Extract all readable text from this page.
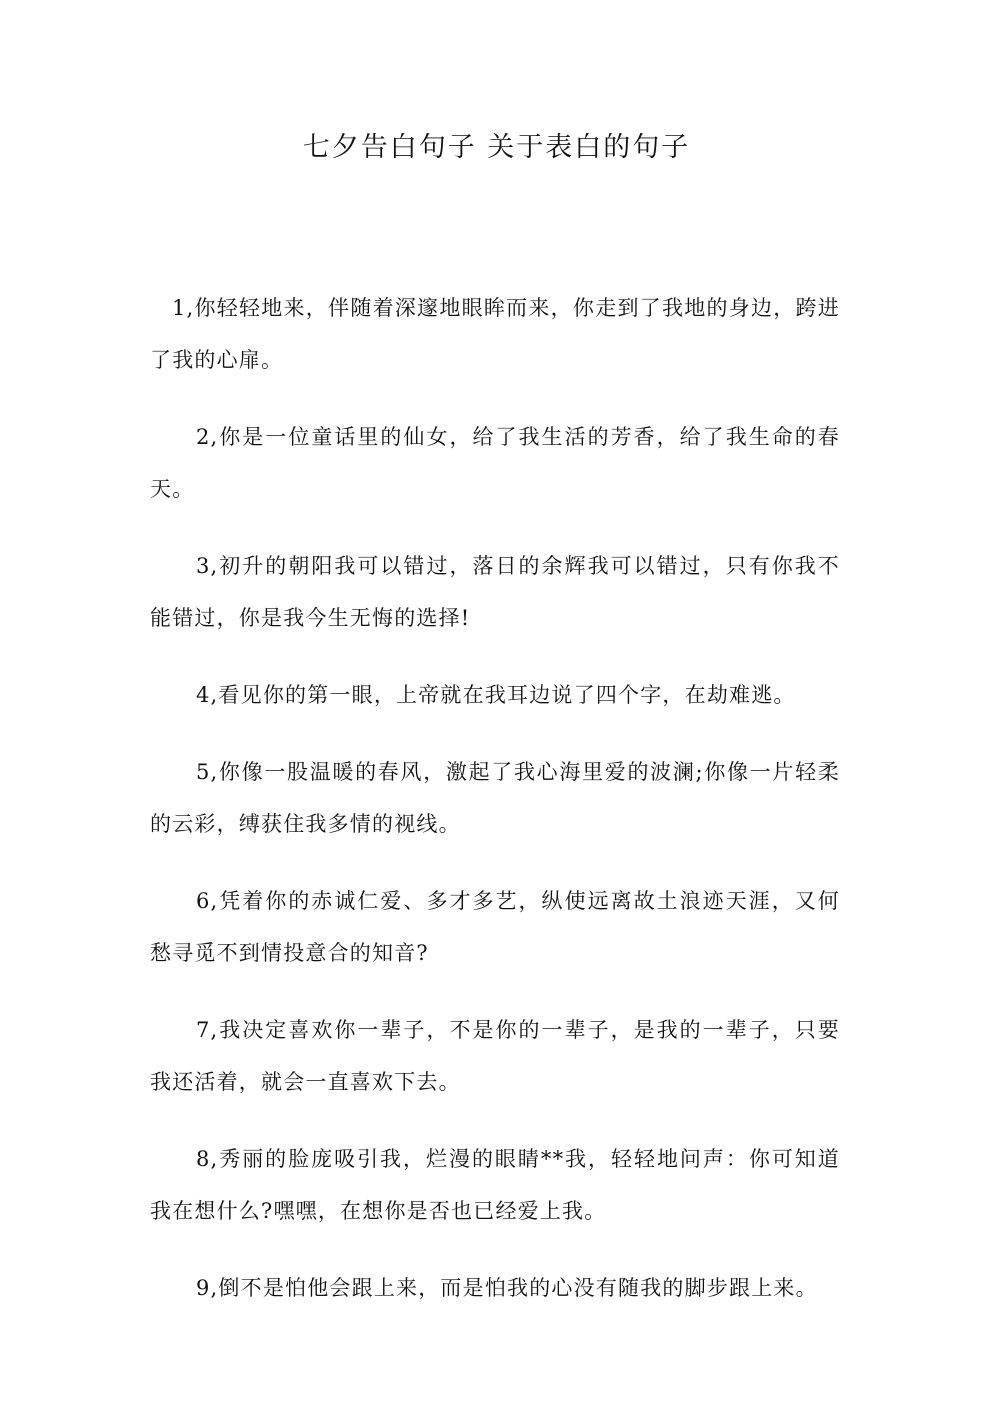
七夕告白句子 关于表白的句子

1,你轻轻地来，伴随着深邃地眼眸而来，你走到了我地的身边，跨进了我的心扉。

2,你是一位童话里的仙女，给了我生活的芳香，给了我生命的春天。

3,初升的朝阳我可以错过，落日的余辉我可以错过，只有你我不能错过，你是我今生无悔的选择!

4,看见你的第一眼，上帝就在我耳边说了四个字，在劫难逃。

5,你像一股温暖的春风，激起了我心海里爱的波澜;你像一片轻柔的云彩，缚获住我多情的视线。

6,凭着你的赤诚仁爱、多才多艺，纵使远离故土浪迹天涯，又何愁寻觅不到情投意合的知音?

7,我决定喜欢你一辈子，不是你的一辈子，是我的一辈子，只要我还活着，就会一直喜欢下去。

8,秀丽的脸庞吸引我，烂漫的眼睛**我，轻轻地问声：你可知道我在想什么?嘿嘿，在想你是否也已经爱上我。

9,倒不是怕他会跟上来，而是怕我的心没有随我的脚步跟上来。
